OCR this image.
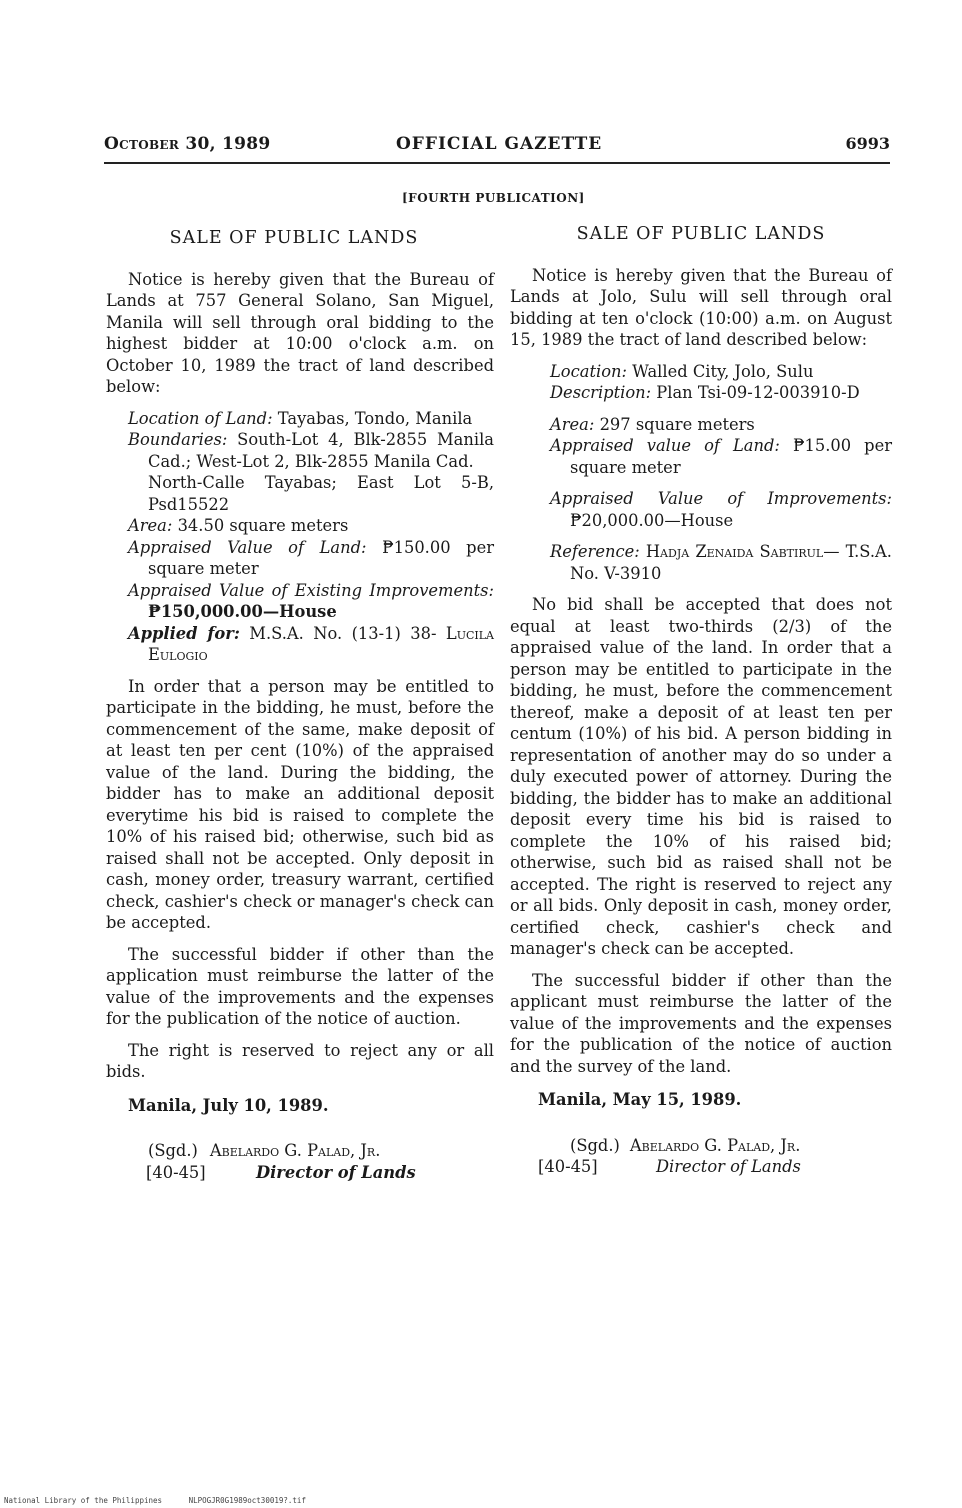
October 30, 1989	OFFICIAL GAZETTE	6993
[FOURTH PUBLICATION]
SALE OF PUBLIC LANDS

Notice is hereby given that the Bureau of Lands at 757 General Solano, San Miguel, Manila will sell through oral bidding to the highest bidder at 10:00 o'clock a.m. on October 10, 1989 the tract of land described below:

Location of Land: Tayabas, Tondo, Manila
Boundaries: South-Lot 4, Blk-2855 Manila Cad.; West-Lot 2, Blk-2855 Manila Cad.
North-Calle Tayabas; East Lot 5-B, Psd15522
Area: 34.50 square meters
Appraised Value of Land: ₱150.00 per square meter
Appraised Value of Existing Improvements: ₱150,000.00—House
Applied for: M.S.A. No. (13-1) 38- Lucila Eulogio

In order that a person may be entitled to participate in the bidding, he must, before the commencement of the same, make deposit of at least ten per cent (10%) of the appraised value of the land. During the bidding, the bidder has to make an additional deposit everytime his bid is raised to complete the 10% of his raised bid; otherwise, such bid as raised shall not be accepted. Only deposit in cash, money order, treasury warrant, certified check, cashier's check or manager's check can be accepted.

The successful bidder if other than the application must reimburse the latter of the value of the improvements and the expenses for the publication of the notice of auction.

The right is reserved to reject any or all bids.

Manila, July 10, 1989.
(Sgd.) Abelardo G. Palad, Jr.
[40-45]	Director of Lands
SALE OF PUBLIC LANDS

Notice is hereby given that the Bureau of Lands at Jolo, Sulu will sell through oral bidding at ten o'clock (10:00) a.m. on August 15, 1989 the tract of land described below:

Location: Walled City, Jolo, Sulu
Description: Plan Tsi-09-12-003910-D
Area: 297 square meters
Appraised value of Land: ₱15.00 per square meter
Appraised Value of Improvements: ₱20,000.00—House
Reference: Hadja Zenaida Sabtirul— T.S.A. No. V-3910

No bid shall be accepted that does not equal at least two-thirds (2/3) of the appraised value of the land. In order that a person may be entitled to participate in the bidding, he must, before the commencement thereof, make a deposit of at least ten per centum (10%) of his bid. A person bidding in representation of another may do so under a duly executed power of attorney. During the bidding, the bidder has to make an additional deposit every time his bid is raised to complete the 10% of his raised bid; otherwise, such bid as raised shall not be accepted. The right is reserved to reject any or all bids. Only deposit in cash, money order, certified check, cashier's check and manager's check can be accepted.

The successful bidder if other than the applicant must reimburse the latter of the value of the improvements and the expenses for the publication of the notice of auction and the survey of the land.

Manila, May 15, 1989.
(Sgd.) Abelardo G. Palad, Jr.
[40-45]	Director of Lands
National Library of the Philippines	NLPOGJR0G1989oct30019?.tif
